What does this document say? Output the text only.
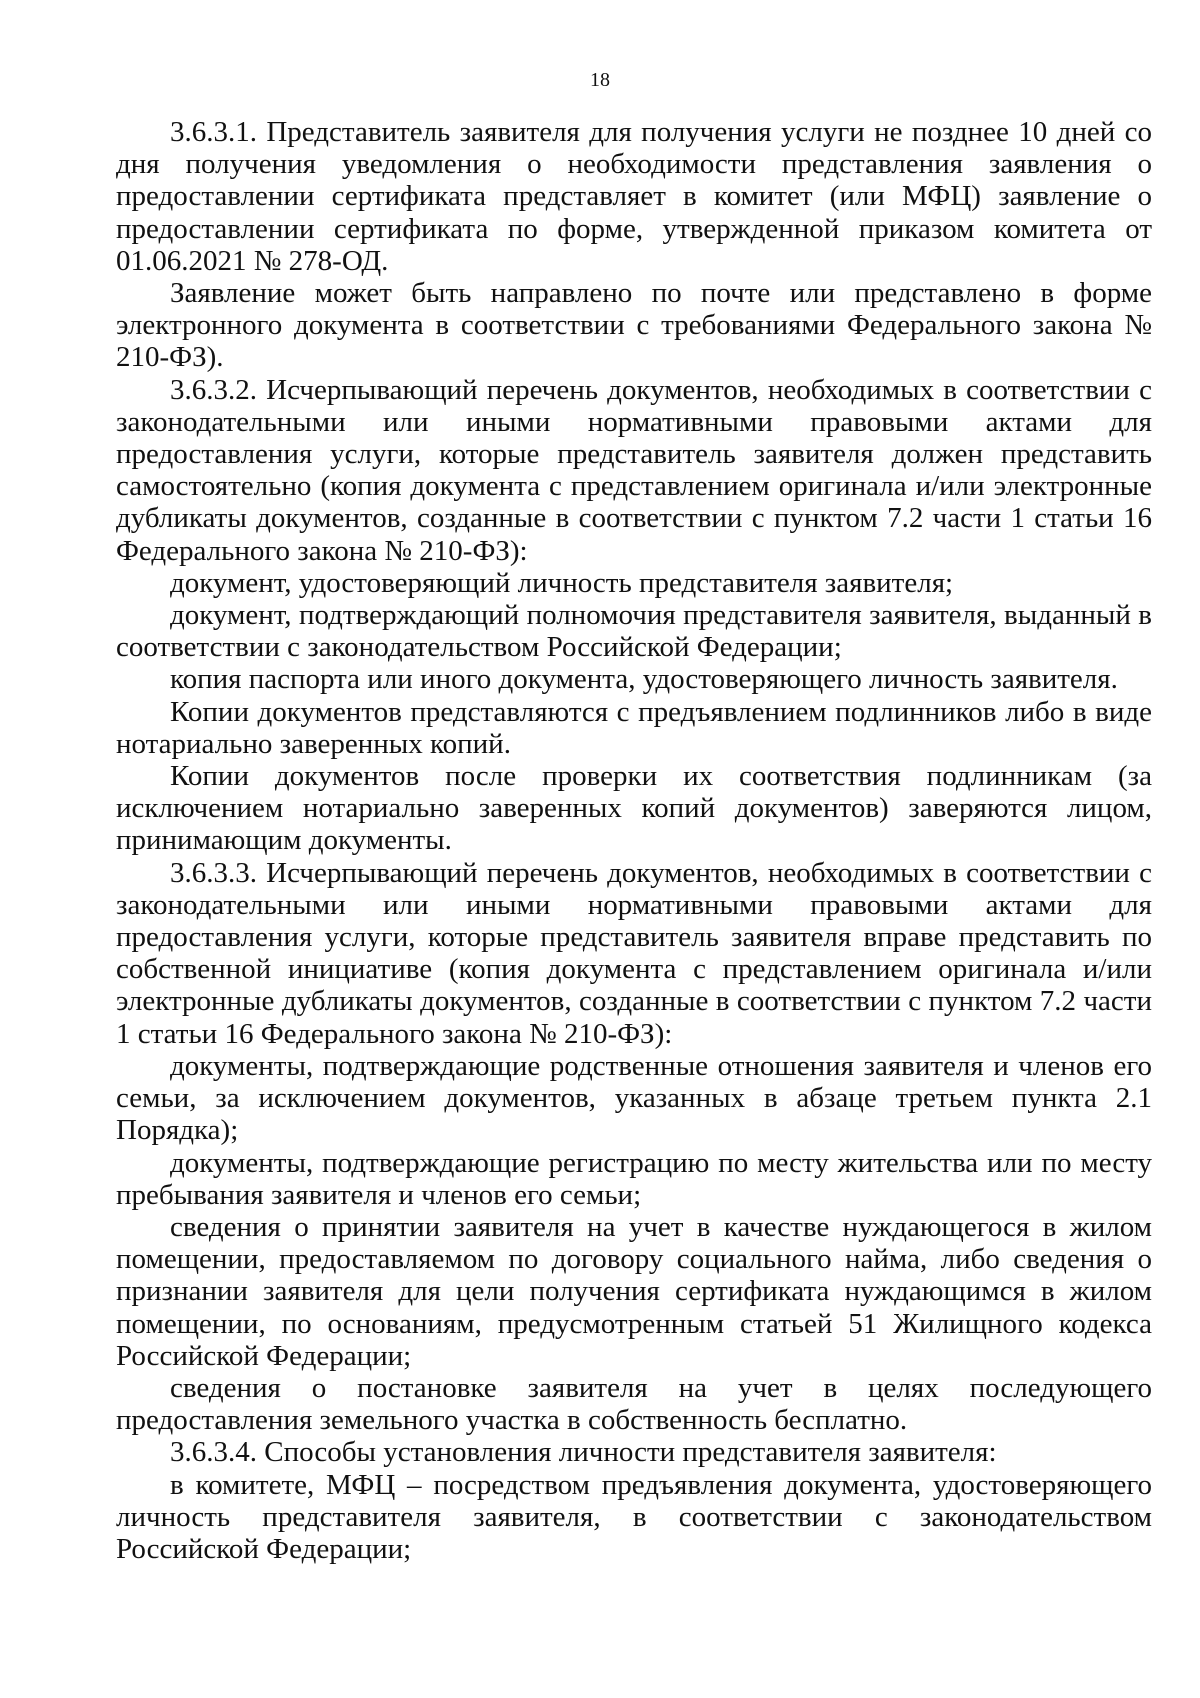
18

3.6.3.1. Представитель заявителя для получения услуги не позднее 10 дней со дня получения уведомления о необходимости представления заявления о предоставлении сертификата представляет в комитет (или МФЦ) заявление о предоставлении сертификата по форме, утвержденной приказом комитета от 01.06.2021 № 278-ОД.

Заявление может быть направлено по почте или представлено в форме электронного документа в соответствии с требованиями Федерального закона № 210-ФЗ).

3.6.3.2. Исчерпывающий перечень документов, необходимых в соответствии с законодательными или иными нормативными правовыми актами для предоставления услуги, которые представитель заявителя должен представить самостоятельно (копия документа с представлением оригинала и/или электронные дубликаты документов, созданные в соответствии с пунктом 7.2 части 1 статьи 16 Федерального закона № 210-ФЗ):

документ, удостоверяющий личность представителя заявителя;

документ, подтверждающий полномочия представителя заявителя, выданный в соответствии с законодательством Российской Федерации;

копия паспорта или иного документа, удостоверяющего личность заявителя.

Копии документов представляются с предъявлением подлинников либо в виде нотариально заверенных копий.

Копии документов после проверки их соответствия подлинникам (за исключением нотариально заверенных копий документов) заверяются лицом, принимающим документы.

3.6.3.3. Исчерпывающий перечень документов, необходимых в соответствии с законодательными или иными нормативными правовыми актами для предоставления услуги, которые представитель заявителя вправе представить по собственной инициативе (копия документа с представлением оригинала и/или электронные дубликаты документов, созданные в соответствии с пунктом 7.2 части 1 статьи 16 Федерального закона № 210-ФЗ):

документы, подтверждающие родственные отношения заявителя и членов его семьи, за исключением документов, указанных в абзаце третьем пункта 2.1 Порядка);

документы, подтверждающие регистрацию по месту жительства или по месту пребывания заявителя и членов его семьи;

сведения о принятии заявителя на учет в качестве нуждающегося в жилом помещении, предоставляемом по договору социального найма, либо сведения о признании заявителя для цели получения сертификата нуждающимся в жилом помещении, по основаниям, предусмотренным статьей 51 Жилищного кодекса Российской Федерации;

сведения о постановке заявителя на учет в целях последующего предоставления земельного участка в собственность бесплатно.

3.6.3.4. Способы установления личности представителя заявителя:

в комитете, МФЦ – посредством предъявления документа, удостоверяющего личность представителя заявителя, в соответствии с законодательством Российской Федерации;
